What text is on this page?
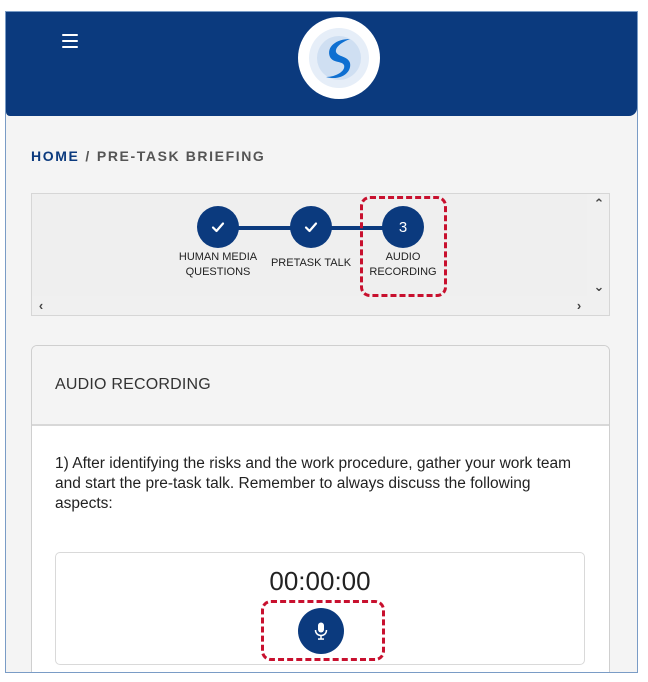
HOME / PRE-TASK BRIEFING
HUMAN MEDIA
QUESTIONS
PRETASK TALK
3
AUDIO
RECORDING
⌃
⌄
‹	›
AUDIO RECORDING
1) After identifying the risks and the work procedure, gather your work team and start the pre-task talk. Remember to always discuss the following aspects:
00:00:00
